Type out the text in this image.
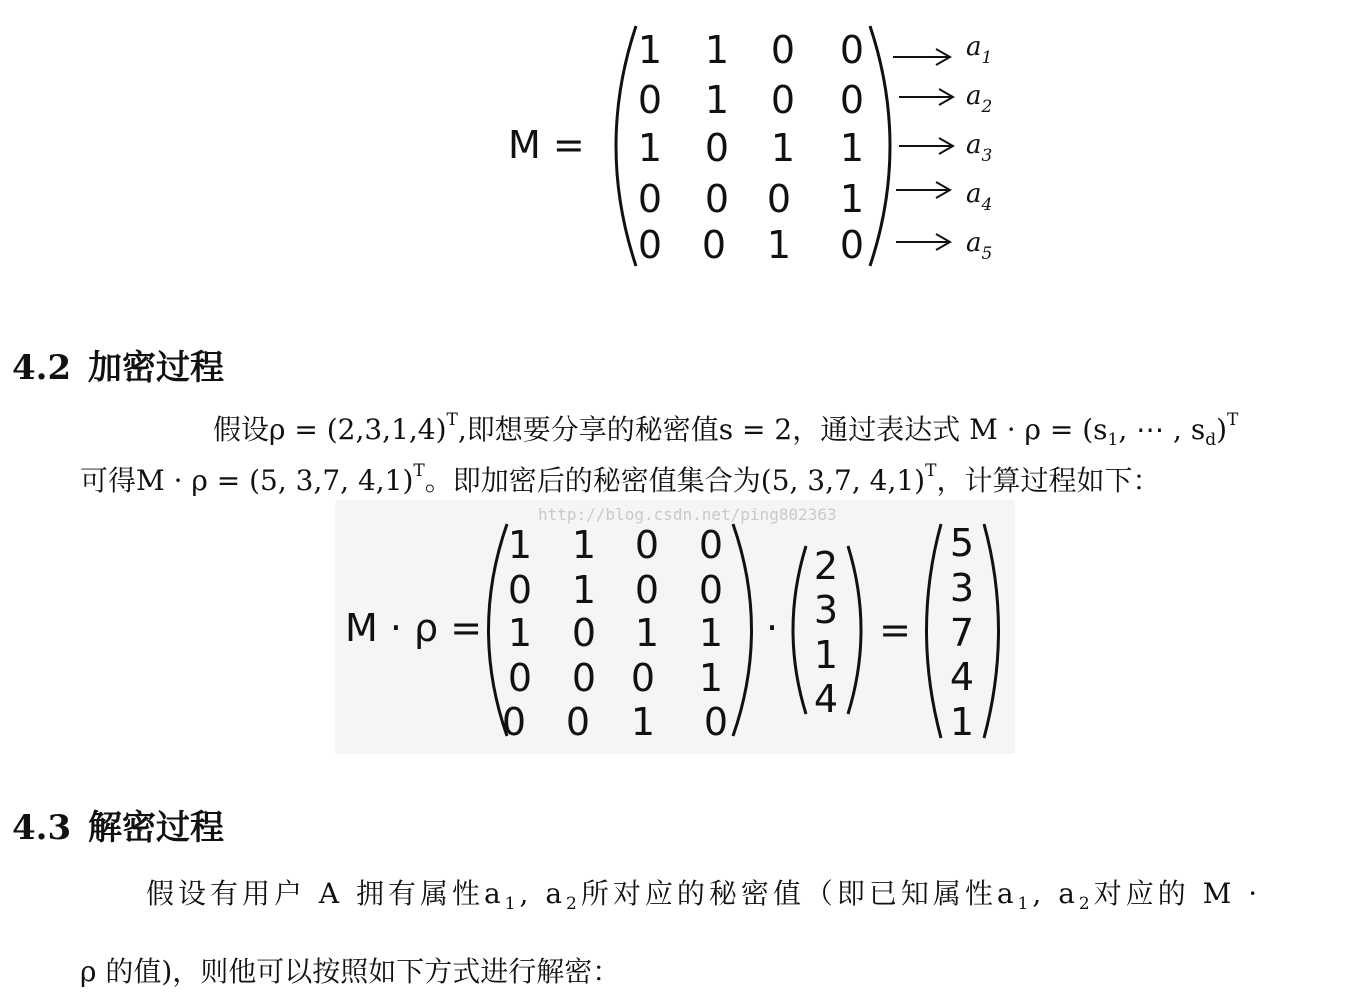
M =
1 1 0 0
0 1 0 0
1 0 1 1
0 0 0 1
0 0 1 0
$a_1$
$a_2$
$a_3$
$a_4$
$a_5$
4.2 加密过程
假设$\rho = (2,3,1,4)^T$,即想要分享的秘密值s = 2，通过表达式 $M \cdot \rho = (s_1$, ⋯ , $s_d)^T$
可得M · ρ = (5, 3,7, 4,1)$^T$。即加密后的秘密值集合为(5, 3,7, 4,1)$^T$，计算过程如下：
http://blog.csdn.net/ping802363
M · ρ =
1 1 0 0
0 1 0 0
1 0 1 1
0 0 0 1
0 0 1 0
·
2
3
1
4
=
5
3
7
4
1
4.3 解密过程
假设有用户 A 拥有属性$a_1$, $a_2$所对应的秘密值（即已知属性$a_1$, $a_2$对应的 M ·
ρ 的值)，则他可以按照如下方式进行解密：
